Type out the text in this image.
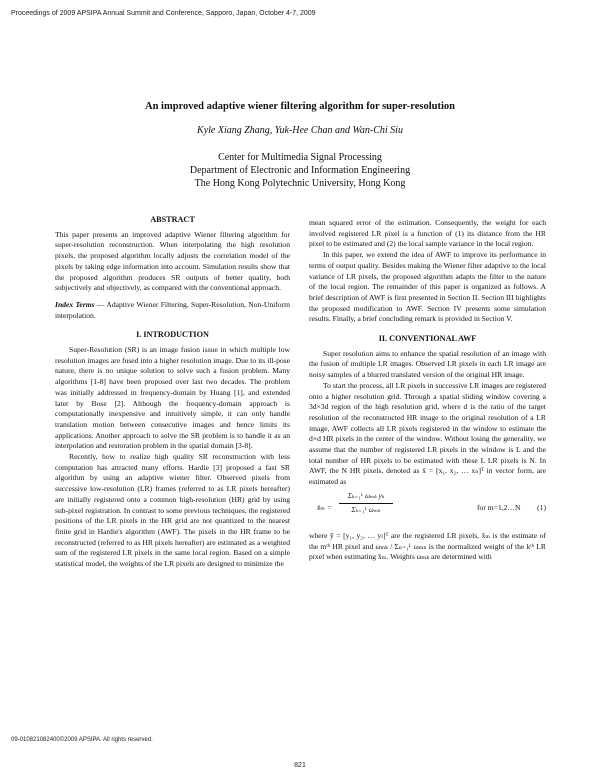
Proceedings of 2009 APSIPA Annual Summit and Conference, Sapporo, Japan, October 4-7, 2009
An improved adaptive wiener filtering algorithm for super-resolution
Kyle Xiang Zhang, Yuk-Hee Chan and Wan-Chi Siu
Center for Multimedia Signal Processing
Department of Electronic and Information Engineering
The Hong Kong Polytechnic University, Hong Kong
ABSTRACT

This paper presents an improved adaptive Wiener filtering algorithm for super-resolution reconstruction. When interpolating the high resolution pixels, the proposed algorithm locally adjusts the correlation model of the pixels by taking edge information into account. Simulation results show that the proposed algorithm produces SR outputs of better quality, both subjectively and objectively, as compared with the conventional approach.

Index Terms — Adaptive Wiener Filtering, Super-Resolution, Non-Uniform interpolation.

I. INTRODUCTION

Super-Resolution (SR) is an image fusion issue in which multiple low resolution images are fused into a higher resolution image. Due to its ill-pose nature, there is no unique solution to solve such a fusion problem. Many algorithms [1-8] have been proposed over last two decades. The problem was initially addressed in frequency-domain by Huang [1], and extended later by Bose [2]. Although the frequency-domain approach is computationally inexpensive and intuitively simple, it can only handle translation motion between consecutive images and hence limits its applications. Another approach to solve the SR problem is to handle it as an interpolation and restoration problem in the spatial domain [3-8].

Recently, how to realize high quality SR reconstruction with less computation has attracted many efforts. Hardie [3] proposed a fast SR algorithm by using an adaptive wiener filter. Observed pixels from successive low-resolution (LR) frames (referred to as LR pixels hereafter) are initially registered onto a common high-resolution (HR) grid by using sub-pixel registration. In contrast to some previous techniques, the registered positions of the LR pixels in the HR grid are not quantized to the nearest finite grid in Hardie's algorithm (AWF). The pixels in the HR frame to be reconstructed (referred to as HR pixels hereafter) are estimated as a weighted sum of the registered LR pixels in the same local region. Based on a simple statistical model, the weights of the LR pixels are designed to minimize the

mean squared error of the estimation. Consequently, the weight for each involved registered LR pixel is a function of (1) its distance from the HR pixel to be estimated and (2) the local sample variance in the local region.

In this paper, we extend the idea of AWF to improve its performance in terms of output quality. Besides making the Wiener filter adaptive to the local variance of LR pixels, the proposed algorithm adapts the filter to the nature of the local region. The remainder of this paper is organized as follows. A brief description of AWF is first presented in Section II. Section III highlights the proposed modification to AWF. Section IV presents some simulation results. Finally, a brief concluding remark is provided in Section V.

II. CONVENTIONAL AWF

Super resolution aims to enhance the spatial resolution of an image with the fusion of multiple LR images. Observed LR pixels in each LR image are noisy samples of a blurred translated version of the original HR image.

To start the process, all LR pixels in successive LR images are registered onto a higher resolution grid. Through a spatial sliding window covering a 3d×3d region of the high resolution grid, where d is the ratio of the target resolution of the reconstructed HR image to the original resolution of a LR image, AWF collects all LR pixels registered in the window to estimate the d×d HR pixels in the center of the window. Without losing the generality, we assume that the number of registered LR pixels in the window is L and the total number of HR pixels to be estimated with these L LR pixels is N. In AWF, the N HR pixels, denoted as x̄ = [x₁, x₂, … xₙ]ᵀ in vector form, are estimated as

x̂ₘ =
Σₖ₌₁ᴸ ωₘₖ yₖ
Σₖ₌₁ᴸ ωₘₖ	for m=1,2…N (1)

where ȳ = [y₁, y₂, … yₗ]ᵀ are the registered LR pixels, x̂ₘ is the estimate of the mᵗʰ HR pixel and ωₘₖ / Σₙ₌₁ᴸ ωₘₙ is the normalized weight of the kᵗʰ LR pixel when estimating x̂ₘ. Weights ωₘₖ are determined with

09-010821082400©2009 APSIPA. All rights reserved.
821
